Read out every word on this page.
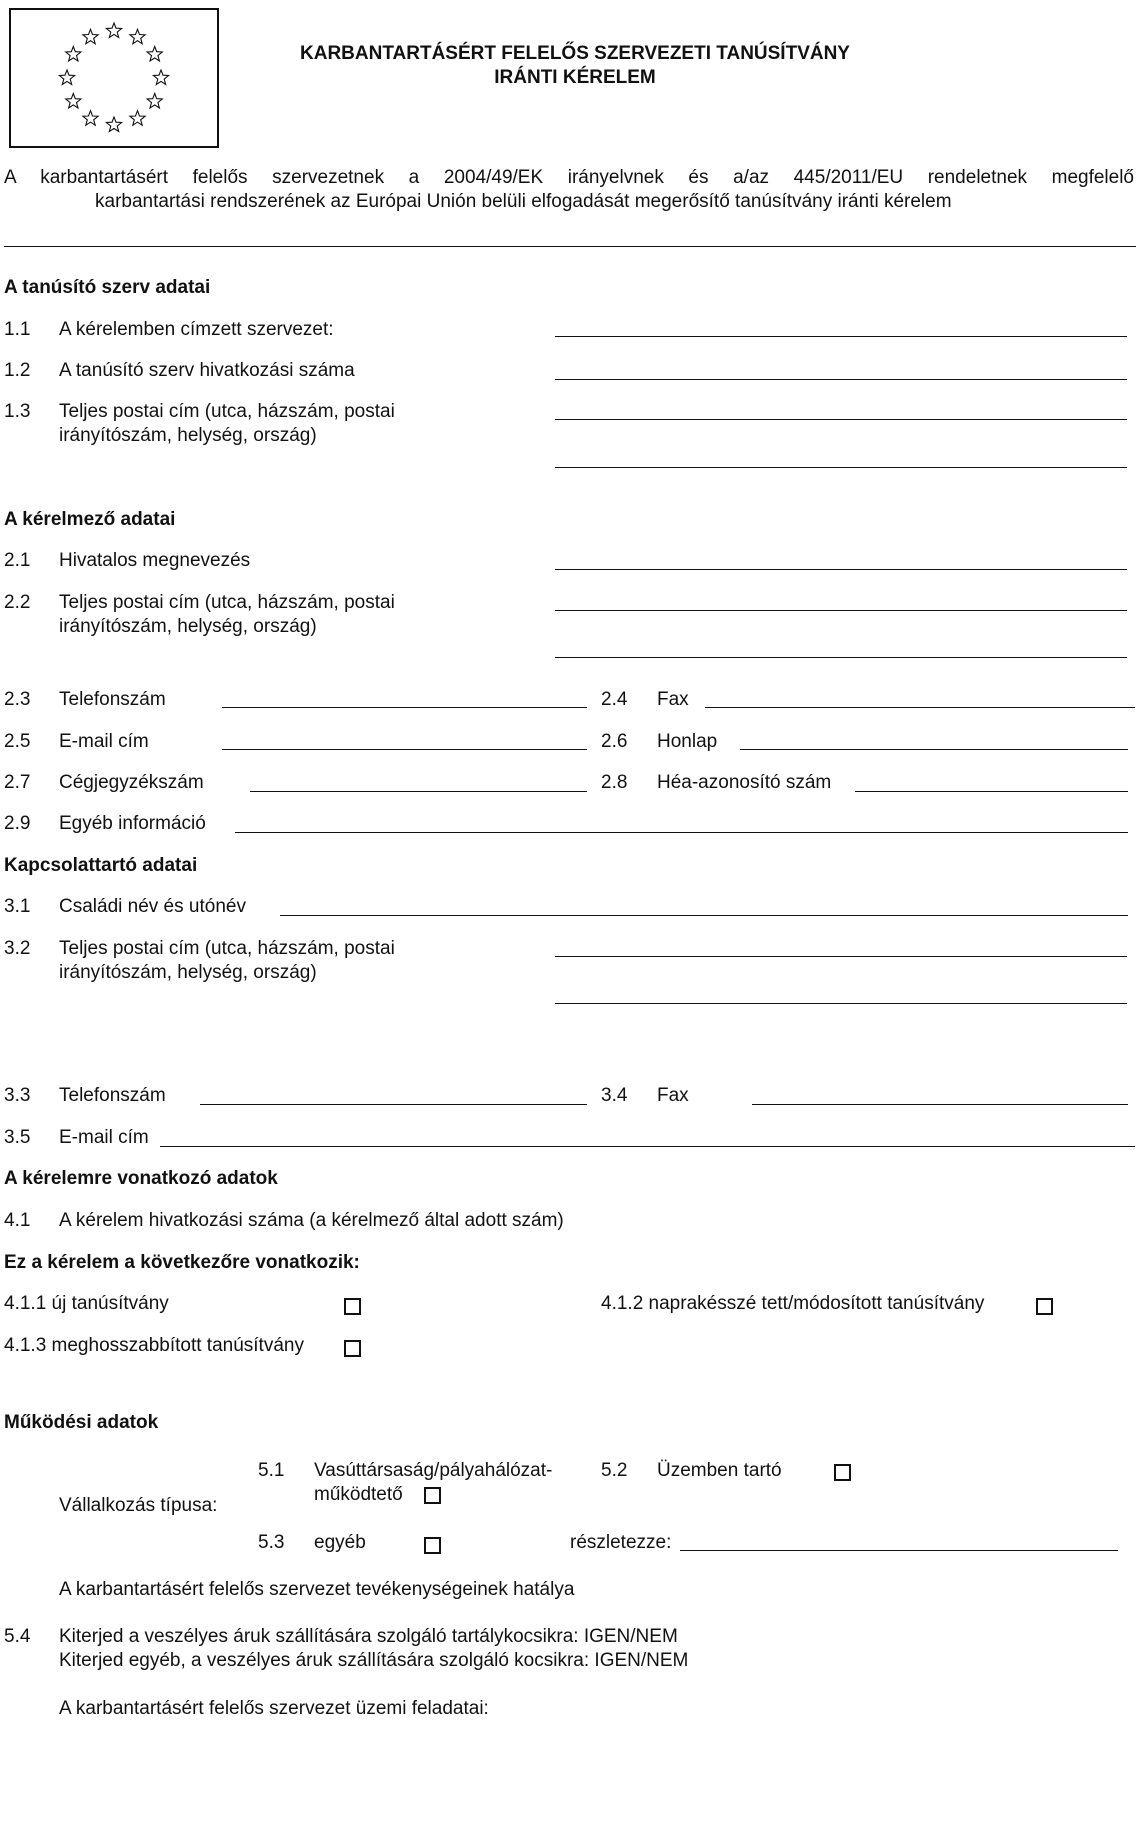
KARBANTARTÁSÉRT FELELŐS SZERVEZETI TANÚSÍTVÁNY
IRÁNTI KÉRELEM
A karbantartásért felelős szervezetnek a 2004/49/EK irányelvnek és a/az 445/2011/EU rendeletnek megfelelő
karbantartási rendszerének az Európai Unión belüli elfogadását megerősítő tanúsítvány iránti kérelem
A tanúsító szerv adatai
1.1 A kérelemben címzett szervezet:
1.2 A tanúsító szerv hivatkozási száma
1.3 Teljes postai cím (utca, házszám, postai
irányítószám, helység, ország)
A kérelmező adatai
2.1 Hivatalos megnevezés
2.2 Teljes postai cím (utca, házszám, postai
irányítószám, helység, ország)
2.3 Telefonszám	2.4 Fax
2.5 E-mail cím	2.6 Honlap
2.7 Cégjegyzékszám	2.8 Héa-azonosító szám
2.9 Egyéb információ
Kapcsolattartó adatai
3.1 Családi név és utónév
3.2 Teljes postai cím (utca, házszám, postai
irányítószám, helység, ország)
3.3 Telefonszám	3.4 Fax
3.5 E-mail cím
A kérelemre vonatkozó adatok
4.1 A kérelem hivatkozási száma (a kérelmező által adott szám)
Ez a kérelem a következőre vonatkozik:
4.1.1 új tanúsítvány	4.1.2 naprakésszé tett/módosított tanúsítvány
4.1.3 meghosszabbított tanúsítvány
Működési adatok
Vállalkozás típusa:
5.1 Vasúttársaság/pályahálózat-
működtető
5.2 Üzemben tartó
5.3 egyéb	részletezze:
A karbantartásért felelős szervezet tevékenységeinek hatálya
5.4 Kiterjed a veszélyes áruk szállítására szolgáló tartálykocsikra: IGEN/NEM
Kiterjed egyéb, a veszélyes áruk szállítására szolgáló kocsikra: IGEN/NEM
A karbantartásért felelős szervezet üzemi feladatai:
